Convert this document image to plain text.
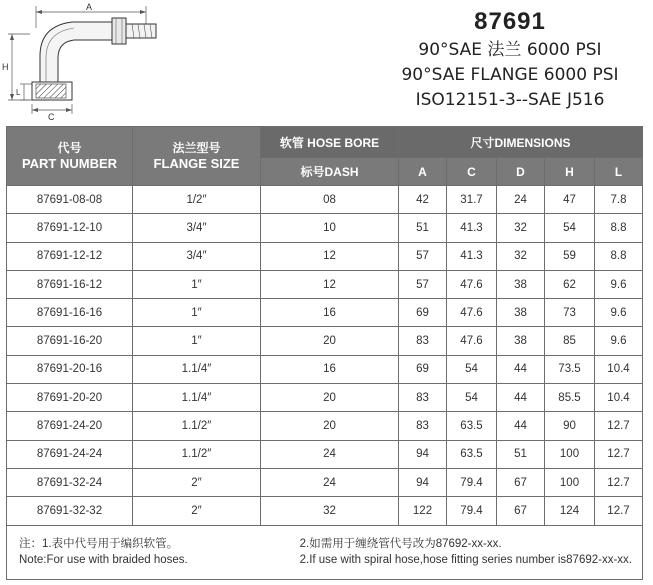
A
H
L
C
87691
90°SAE 法兰 6000 PSI
90°SAE FLANGE 6000 PSI
ISO12151-3--SAE J516
代号
PART NUMBER	法兰型号
FLANGE SIZE	软管 HOSE BORE	尺寸DIMENSIONS				
		标号DASH	A	C	D	H	L
87691-08-08	1/2″	08	42	31.7	24	47	7.8
87691-12-10	3/4″	10	51	41.3	32	54	8.8
87691-12-12	3/4″	12	57	41.3	32	59	8.8
87691-16-12	1″	12	57	47.6	38	62	9.6
87691-16-16	1″	16	69	47.6	38	73	9.6
87691-16-20	1″	20	83	47.6	38	85	9.6
87691-20-16	1.1/4″	16	69	54	44	73.5	10.4
87691-20-20	1.1/4″	20	83	54	44	85.5	10.4
87691-24-20	1.1/2″	20	83	63.5	44	90	12.7
87691-24-24	1.1/2″	24	94	63.5	51	100	12.7
87691-32-24	2″	24	94	79.4	67	100	12.7
87691-32-32	2″	32	122	79.4	67	124	12.7

注：1.表中代号用于编织软管。
Note:For use with braided hoses.
2.如需用于缠绕管代号改为87692-xx-xx.
2.If use with spiral hose,hose fitting series number is87692-xx-xx.							
